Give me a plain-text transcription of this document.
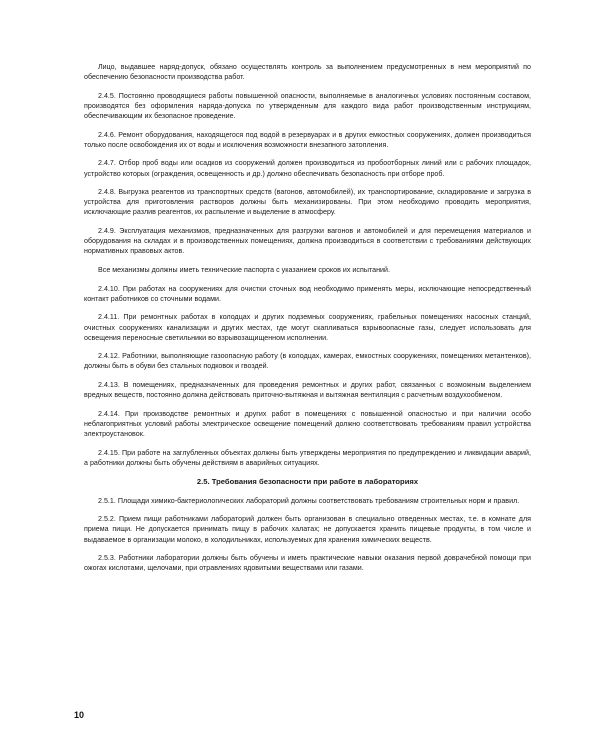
Лицо, выдавшее наряд-допуск, обязано осуществлять контроль за выполнением предусмотренных в нем мероприятий по обеспечению безопасности производства работ.

2.4.5. Постоянно проводящиеся работы повышенной опасности, выполняемые в аналогичных условиях постоянным составом, производятся без оформления наряда-допуска по утвержденным для каждого вида работ производственным инструкциям, обеспечивающим их безопасное проведение.

2.4.6. Ремонт оборудования, находящегося под водой в резервуарах и в других емкостных сооружениях, должен производиться только после освобождения их от воды и исключения возможности внезапного затопления.

2.4.7. Отбор проб воды или осадков из сооружений должен производиться из пробоотборных линий или с рабочих площадок, устройство которых (ограждения, освещенность и др.) должно обеспечивать безопасность при отборе проб.

2.4.8. Выгрузка реагентов из транспортных средств (вагонов, автомобилей), их транспортирование, складирование и загрузка в устройства для приготовления растворов должны быть механизированы. При этом необходимо проводить мероприятия, исключающие разлив реагентов, их распыление и выделение в атмосферу.

2.4.9. Эксплуатация механизмов, предназначенных для разгрузки вагонов и автомобилей и для перемещения материалов и оборудования на складах и в производственных помещениях, должна производиться в соответствии с требованиями действующих нормативных правовых актов.

Все механизмы должны иметь технические паспорта с указанием сроков их испытаний.

2.4.10. При работах на сооружениях для очистки сточных вод необходимо применять меры, исключающие непосредственный контакт работников со сточными водами.

2.4.11. При ремонтных работах в колодцах и других подземных сооружениях, грабельных помещениях насосных станций, очистных сооружениях канализации и других местах, где могут скапливаться взрывоопасные газы, следует использовать для освещения переносные светильники во взрывозащищенном исполнении.

2.4.12. Работники, выполняющие газоопасную работу (в колодцах, камерах, емкостных сооружениях, помещениях метантенков), должны быть в обуви без стальных подковок и гвоздей.

2.4.13. В помещениях, предназначенных для проведения ремонтных и других работ, связанных с возможным выделением вредных веществ, постоянно должна действовать приточно-вытяжная и вытяжная вентиляция с расчетным воздухообменом.

2.4.14. При производстве ремонтных и других работ в помещениях с повышенной опасностью и при наличии особо неблагоприятных условий работы электрическое освещение помещений должно соответствовать требованиям правил устройства электроустановок.

2.4.15. При работе на заглубленных объектах должны быть утверждены мероприятия по предупреждению и ликвидации аварий, а работники должны быть обучены действиям в аварийных ситуациях.

2.5. Требования безопасности при работе в лабораториях

2.5.1. Площади химико-бактериологических лабораторий должны соответствовать требованиям строительных норм и правил.

2.5.2. Прием пищи работниками лабораторий должен быть организован в специально отведенных местах, т.е. в комнате для приема пищи. Не допускается принимать пищу в рабочих халатах; не допускается хранить пищевые продукты, в том числе и выдаваемое в организации молоко, в холодильниках, используемых для хранения химических веществ.

2.5.3. Работники лаборатории должны быть обучены и иметь практические навыки оказания первой доврачебной помощи при ожогах кислотами, щелочами, при отравлениях ядовитыми веществами или газами.

10
